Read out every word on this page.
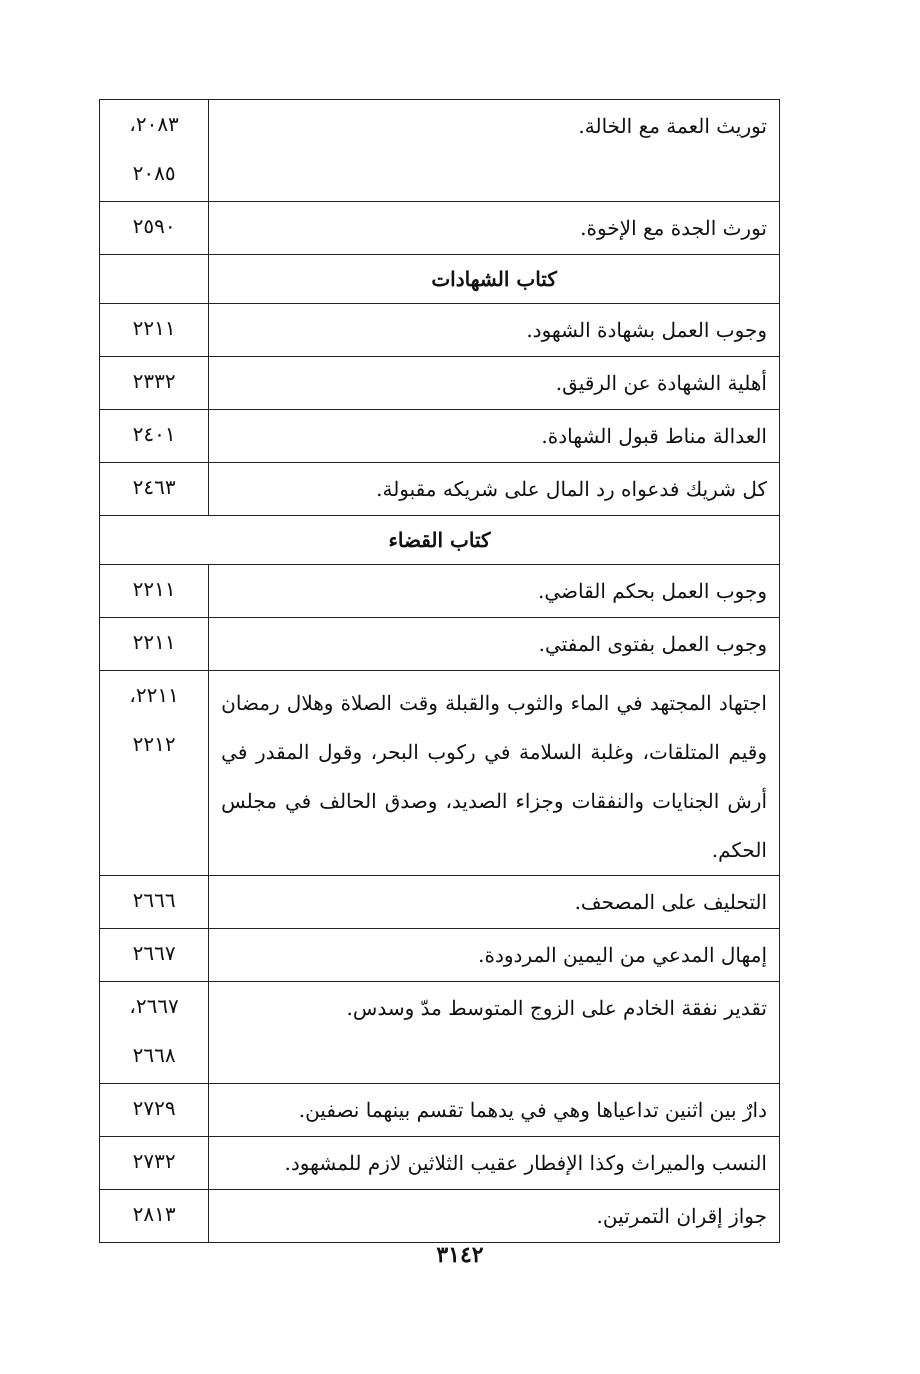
توريث العمة مع الخالة.	٢٠٨٣،
٢٠٨٥

تورث الجدة مع الإخوة.	٢٥٩٠

كتاب الشهادات	
وجوب العمل بشهادة الشهود.	٢٢١١

أهلية الشهادة عن الرقيق.	٢٣٣٢

العدالة مناط قبول الشهادة.	٢٤٠١

كل شريك فدعواه رد المال على شريكه مقبولة.	٢٤٦٣

كتاب القضاء	
وجوب العمل بحكم القاضي.	٢٢١١

وجوب العمل بفتوى المفتي.	٢٢١١

اجتهاد المجتهد في الماء والثوب والقبلة وقت الصلاة وهلال رمضان وقيم المتلقات، وغلبة السلامة في ركوب البحر، وقول المقدر في أرش الجنايات والنفقات وجزاء الصديد، وصدق الحالف في مجلس الحكم.	٢٢١١،
٢٢١٢

التحليف على المصحف.	٢٦٦٦

إمهال المدعي من اليمين المردودة.	٢٦٦٧

تقدير نفقة الخادم على الزوج المتوسط مدّ وسدس.	٢٦٦٧،
٢٦٦٨

دارٌ بين اثنين تداعياها وهي في يدهما تقسم بينهما نصفين.	٢٧٢٩

النسب والميراث وكذا الإفطار عقيب الثلاثين لازم للمشهود.	٢٧٣٢

جواز إقران التمرتين.	٢٨١٣
٣١٤٢
